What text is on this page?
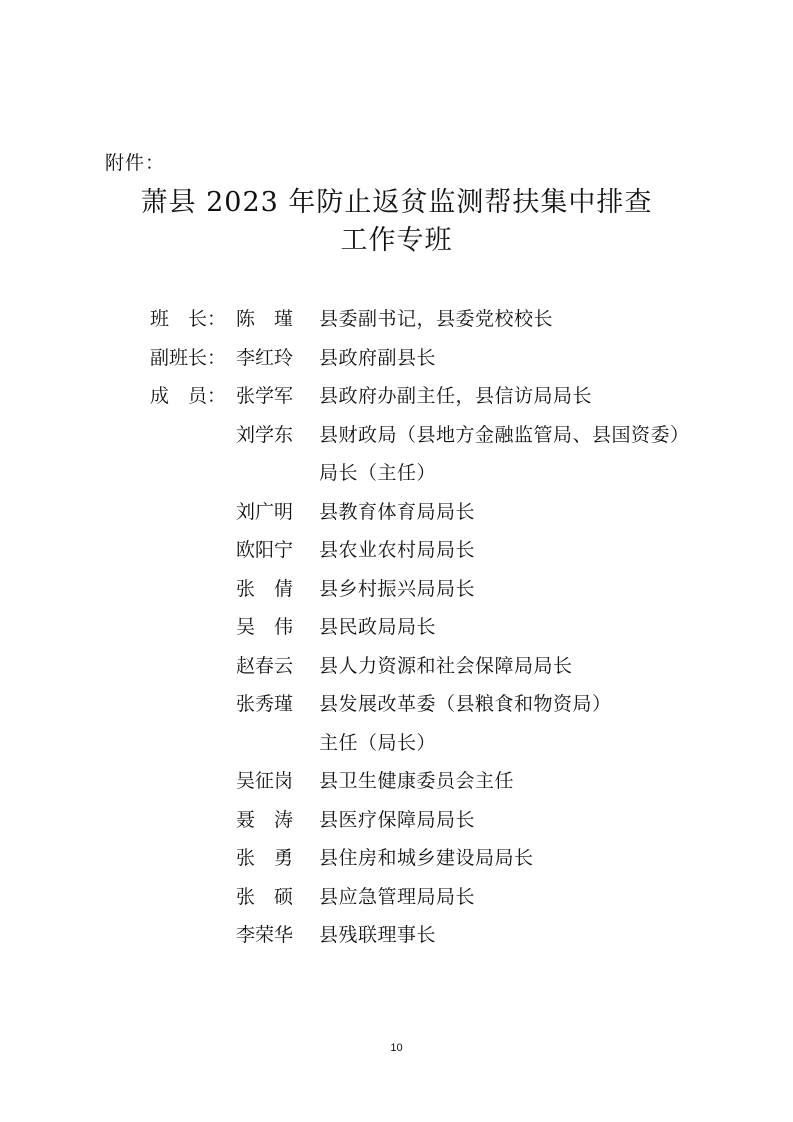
附件：
萧县 2023 年防止返贫监测帮扶集中排查
工作专班
班　长： 陈　瑾	县委副书记，县委党校校长
副班长： 李红玲	县政府副县长
成　员： 张学军	县政府办副主任，县信访局局长
刘学东	县财政局（县地方金融监管局、县国资委）
局长（主任）
刘广明	县教育体育局局长
欧阳宁	县农业农村局局长
张　倩	县乡村振兴局局长
吴　伟	县民政局局长
赵春云	县人力资源和社会保障局局长
张秀瑾	县发展改革委（县粮食和物资局）
主任（局长）
吴征岗	县卫生健康委员会主任
聂　涛	县医疗保障局局长
张　勇	县住房和城乡建设局局长
张　硕	县应急管理局局长
李荣华	县残联理事长
10
